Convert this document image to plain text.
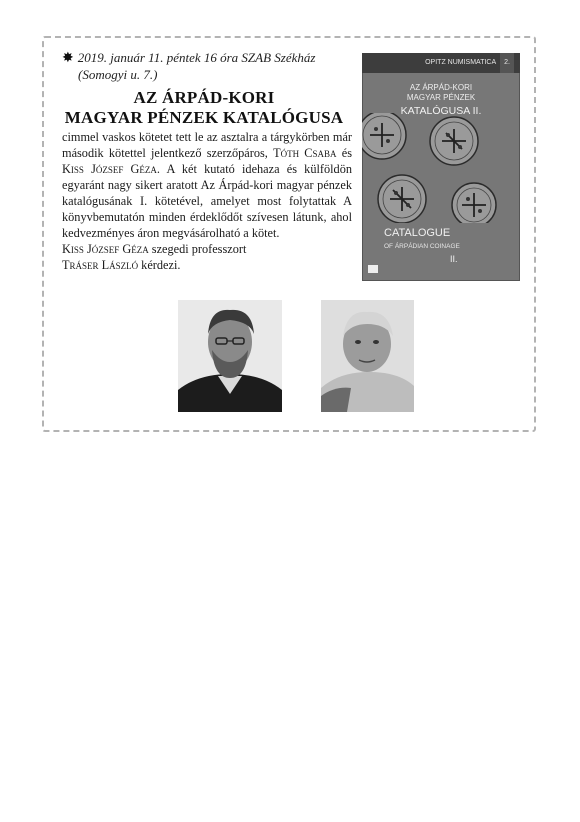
✸ 2019. január 11. péntek 16 óra SZAB Székház
(Somogyi u. 7.)
AZ ÁRPÁD-KORI
MAGYAR PÉNZEK KATALÓGUSA

cimmel vaskos kötetet tett le az asztalra a tárgykörben már második kötettel jelentkező szerzőpáros, Tóth Csaba és Kiss József Géza. A két kutató idehaza és külföldön egyaránt nagy sikert aratott Az Árpád-kori magyar pénzek katalógusának I. kötetével, amelyet most folytattak A könyvbemutatón minden érdeklődőt szívesen látunk, ahol kedvezményes áron megvásárolható a kötet.

Kiss József Géza szegedi professzort
Tráser László kérdezi.
OPITZ NUMISMATICA 2.
AZ ÁRPÁD-KORI
MAGYAR PÉNZEK
KATALÓGUSA II.
CATALOGUE
OF ÁRPÁDIAN COINAGE
II.
